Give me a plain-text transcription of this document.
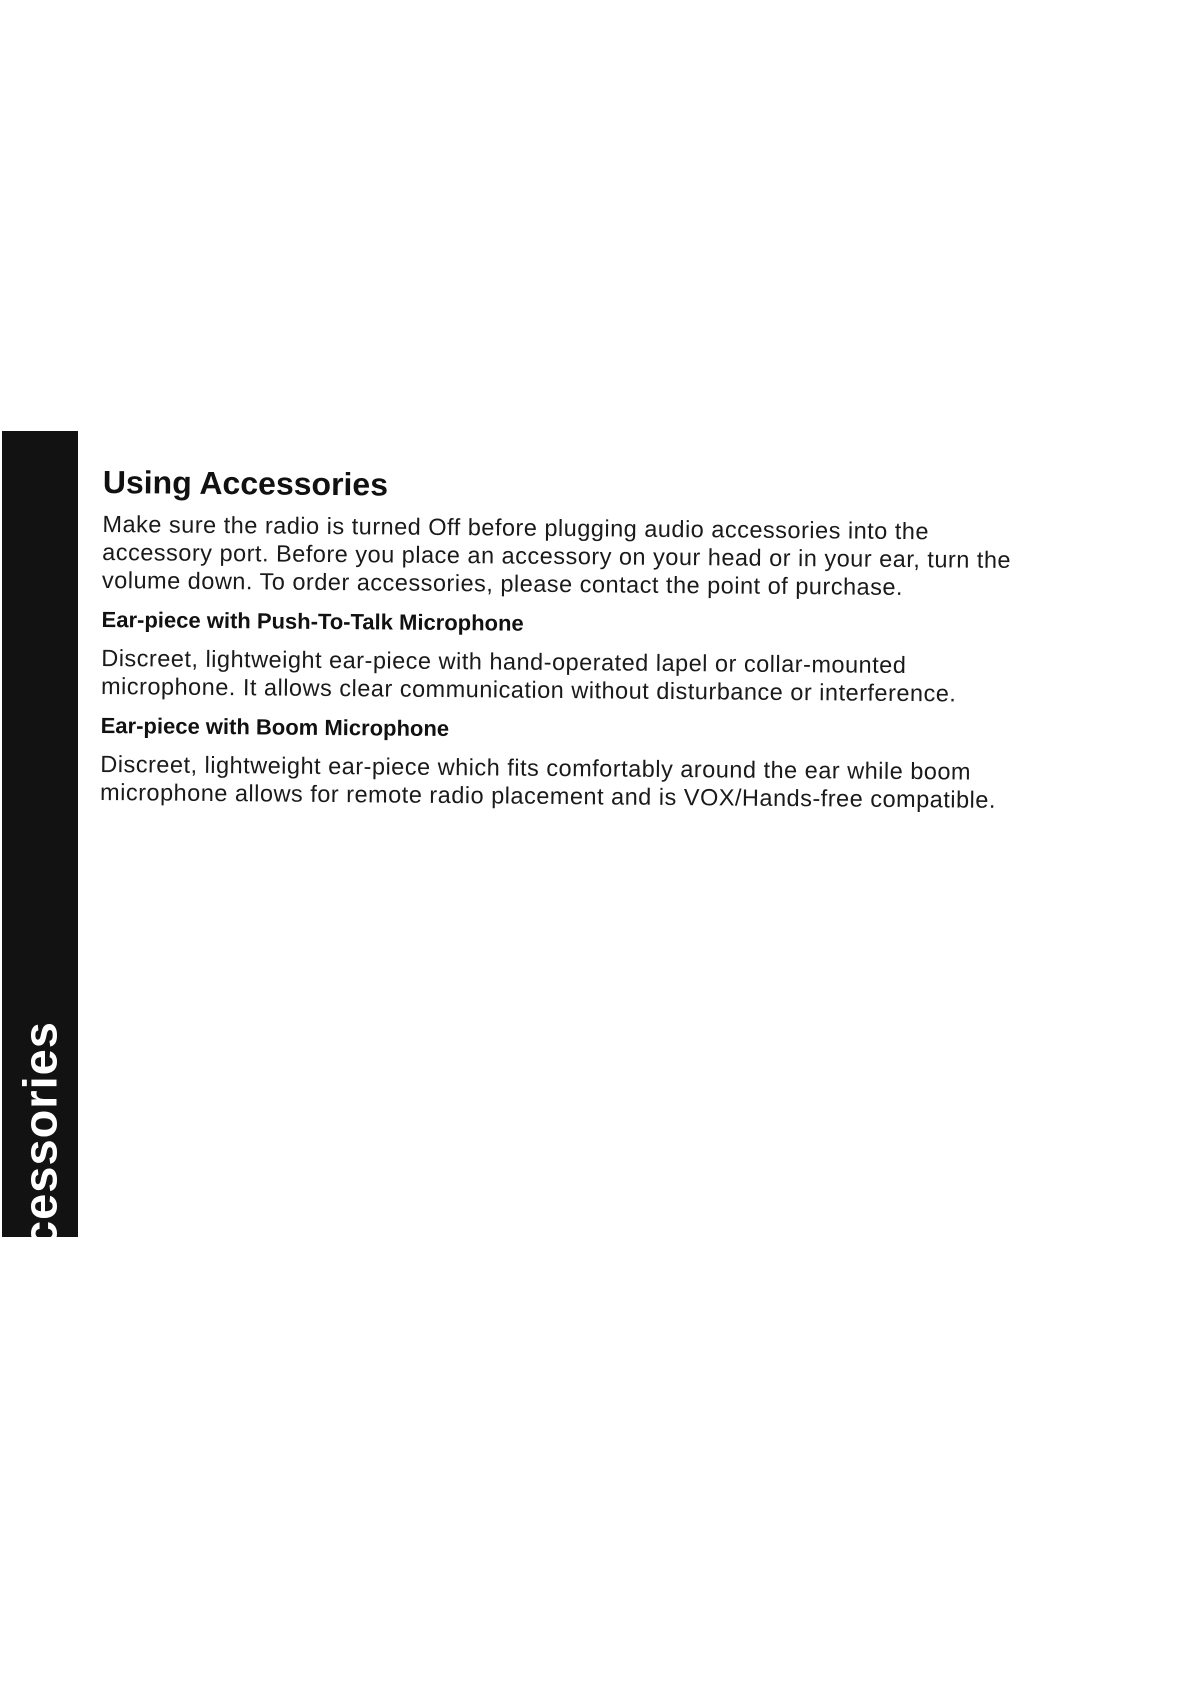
Using Accessories
26
Using Accessories

Make sure the radio is turned Off before plugging audio accessories into the accessory port. Before you place an accessory on your head or in your ear, turn the volume down. To order accessories, please contact the point of purchase.

Ear-piece with Push-To-Talk Microphone

Discreet, lightweight ear-piece with hand-operated lapel or collar-mounted microphone. It allows clear communication without disturbance or interference.

Ear-piece with Boom Microphone

Discreet, lightweight ear-piece which fits comfortably around the ear while boom microphone allows for remote radio placement and is VOX/Hands-free compatible.
